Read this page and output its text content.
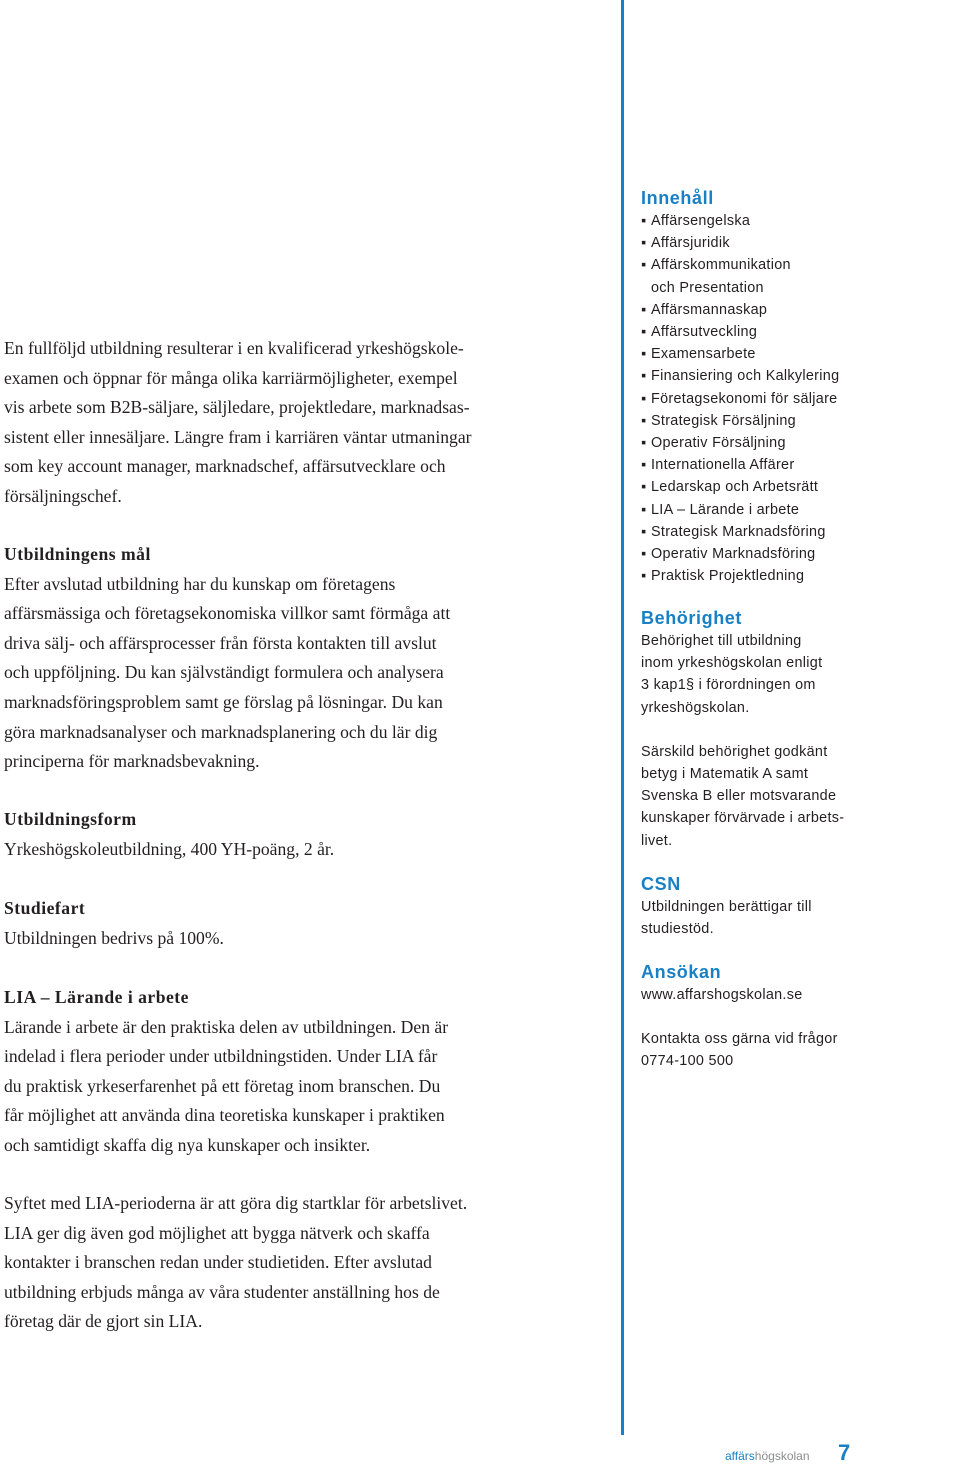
En fullföljd utbildning resulterar i en kvalificerad yrkeshögskole-
examen och öppnar för många olika karriärmöjligheter, exempel
vis arbete som B2B-säljare, säljledare, projektledare, marknadsas-
sistent eller innesäljare. Längre fram i karriären väntar utmaningar
som key account manager, marknadschef, affärsutvecklare och
försäljningschef.

Utbildningens mål

Efter avslutad utbildning har du kunskap om företagens
affärsmässiga och företagsekonomiska villkor samt förmåga att
driva sälj- och affärsprocesser från första kontakten till avslut
och uppföljning. Du kan självständigt formulera och analysera
marknadsföringsproblem samt ge förslag på lösningar. Du kan
göra marknadsanalyser och marknadsplanering och du lär dig
principerna för marknadsbevakning.

Utbildningsform

Yrkeshögskoleutbildning, 400 YH-poäng, 2 år.

Studiefart

Utbildningen bedrivs på 100%.

LIA – Lärande i arbete

Lärande i arbete är den praktiska delen av utbildningen. Den är
indelad i flera perioder under utbildningstiden. Under LIA får
du praktisk yrkeserfarenhet på ett företag inom branschen. Du
får möjlighet att använda dina teoretiska kunskaper i praktiken
och samtidigt skaffa dig nya kunskaper och insikter.

Syftet med LIA-perioderna är att göra dig startklar för arbetslivet.
LIA ger dig även god möjlighet att bygga nätverk och skaffa
kontakter i branschen redan under studietiden. Efter avslutad
utbildning erbjuds många av våra studenter anställning hos de
företag där de gjort sin LIA.

Innehåll
▪ Affärsengelska
▪ Affärsjuridik
▪ Affärskommunikation
och Presentation
▪ Affärsmannaskap
▪ Affärsutveckling
▪ Examensarbete
▪ Finansiering och Kalkylering
▪ Företagsekonomi för säljare
▪ Strategisk Försäljning
▪ Operativ Försäljning
▪ Internationella Affärer
▪ Ledarskap och Arbetsrätt
▪ LIA – Lärande i arbete
▪ Strategisk Marknadsföring
▪ Operativ Marknadsföring
▪ Praktisk Projektledning
Behörighet
Behörighet till utbildning
inom yrkeshögskolan enligt
3 kap1§ i förordningen om
yrkeshögskolan.
Särskild behörighet godkänt
betyg i Matematik A samt
Svenska B eller motsvarande
kunskaper förvärvade i arbets-
livet.
CSN
Utbildningen berättigar till
studiestöd.
Ansökan
www.affarshogskolan.se
Kontakta oss gärna vid frågor
0774-100 500
affärshögskolan 7
